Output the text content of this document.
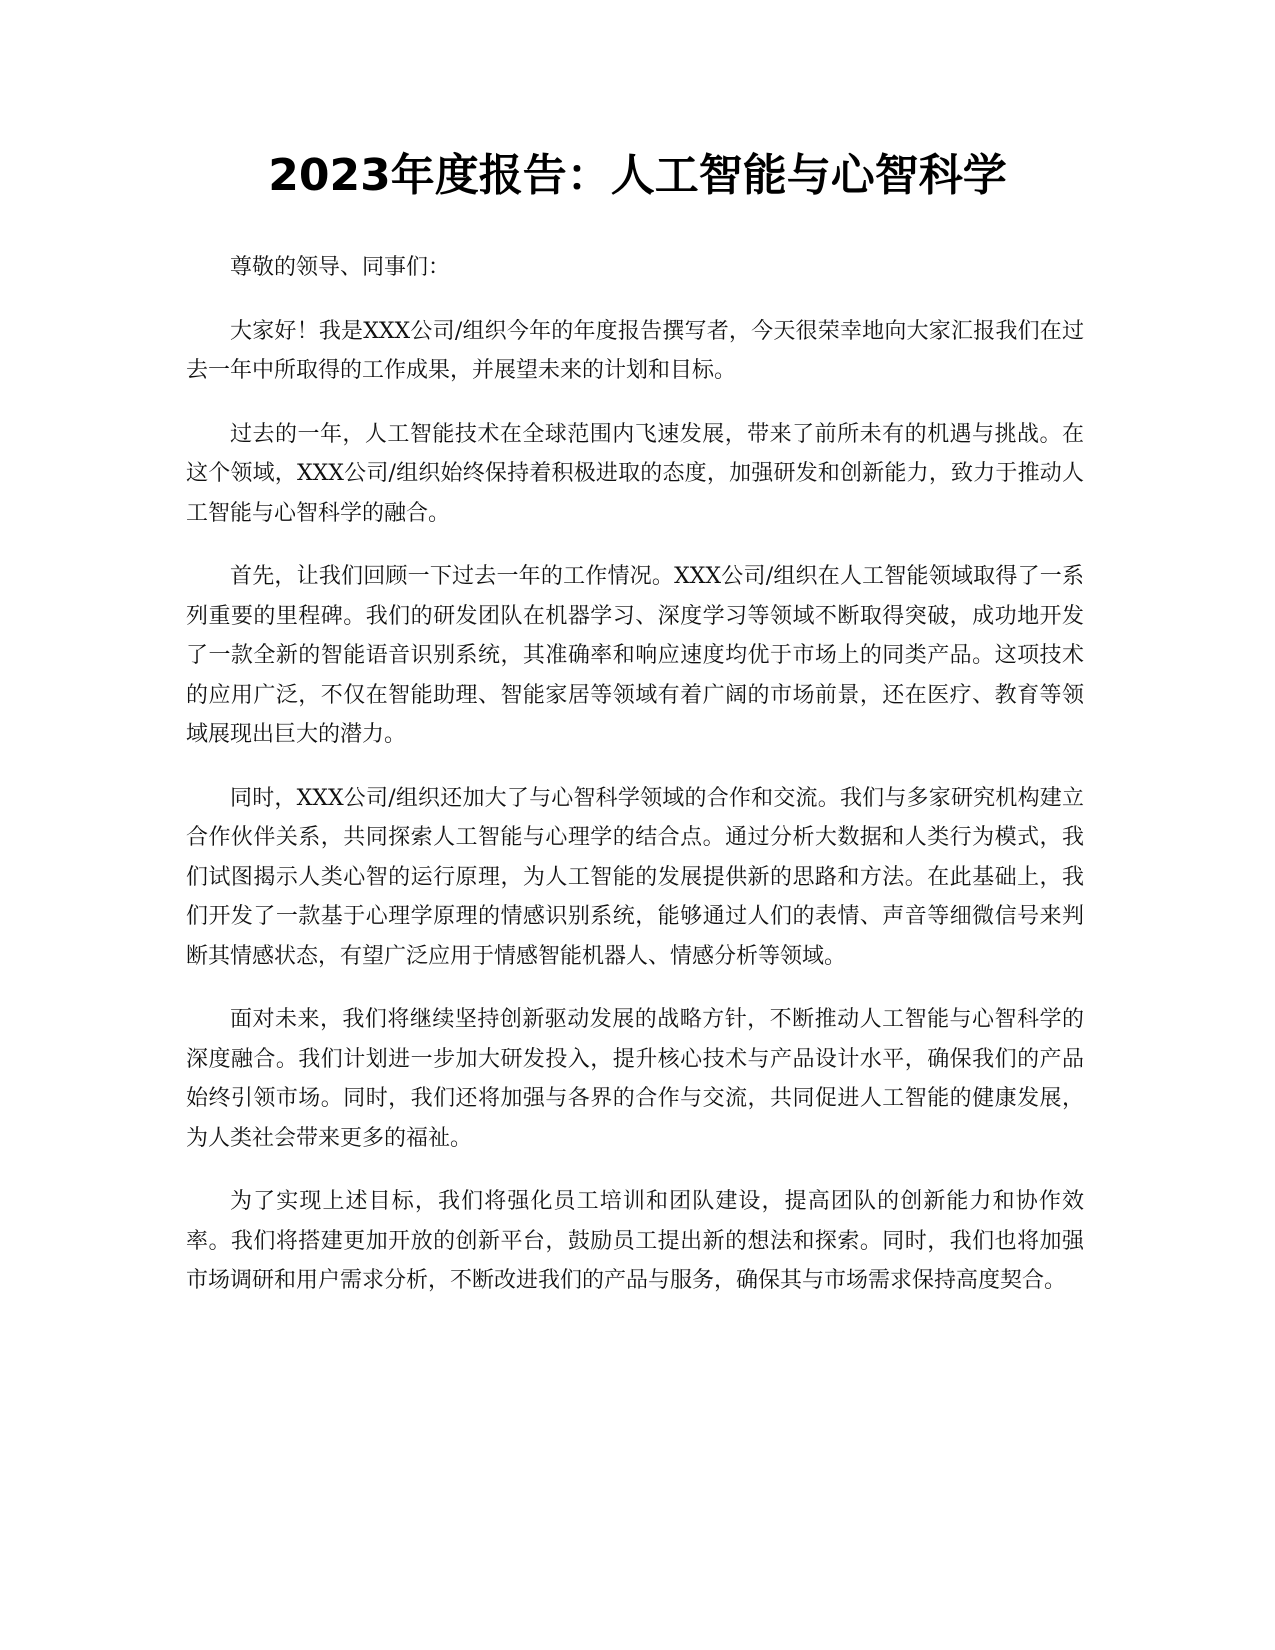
2023年度报告：人工智能与心智科学

尊敬的领导、同事们：

大家好！我是XXX公司/组织今年的年度报告撰写者，今天很荣幸地向大家汇报我们在过去一年中所取得的工作成果，并展望未来的计划和目标。

过去的一年，人工智能技术在全球范围内飞速发展，带来了前所未有的机遇与挑战。在这个领域，XXX公司/组织始终保持着积极进取的态度，加强研发和创新能力，致力于推动人工智能与心智科学的融合。

首先，让我们回顾一下过去一年的工作情况。XXX公司/组织在人工智能领域取得了一系列重要的里程碑。我们的研发团队在机器学习、深度学习等领域不断取得突破，成功地开发了一款全新的智能语音识别系统，其准确率和响应速度均优于市场上的同类产品。这项技术的应用广泛，不仅在智能助理、智能家居等领域有着广阔的市场前景，还在医疗、教育等领域展现出巨大的潜力。

同时，XXX公司/组织还加大了与心智科学领域的合作和交流。我们与多家研究机构建立合作伙伴关系，共同探索人工智能与心理学的结合点。通过分析大数据和人类行为模式，我们试图揭示人类心智的运行原理，为人工智能的发展提供新的思路和方法。在此基础上，我们开发了一款基于心理学原理的情感识别系统，能够通过人们的表情、声音等细微信号来判断其情感状态，有望广泛应用于情感智能机器人、情感分析等领域。

面对未来，我们将继续坚持创新驱动发展的战略方针，不断推动人工智能与心智科学的深度融合。我们计划进一步加大研发投入，提升核心技术与产品设计水平，确保我们的产品始终引领市场。同时，我们还将加强与各界的合作与交流，共同促进人工智能的健康发展，为人类社会带来更多的福祉。

为了实现上述目标，我们将强化员工培训和团队建设，提高团队的创新能力和协作效率。我们将搭建更加开放的创新平台，鼓励员工提出新的想法和探索。同时，我们也将加强市场调研和用户需求分析，不断改进我们的产品与服务，确保其与市场需求保持高度契合。
